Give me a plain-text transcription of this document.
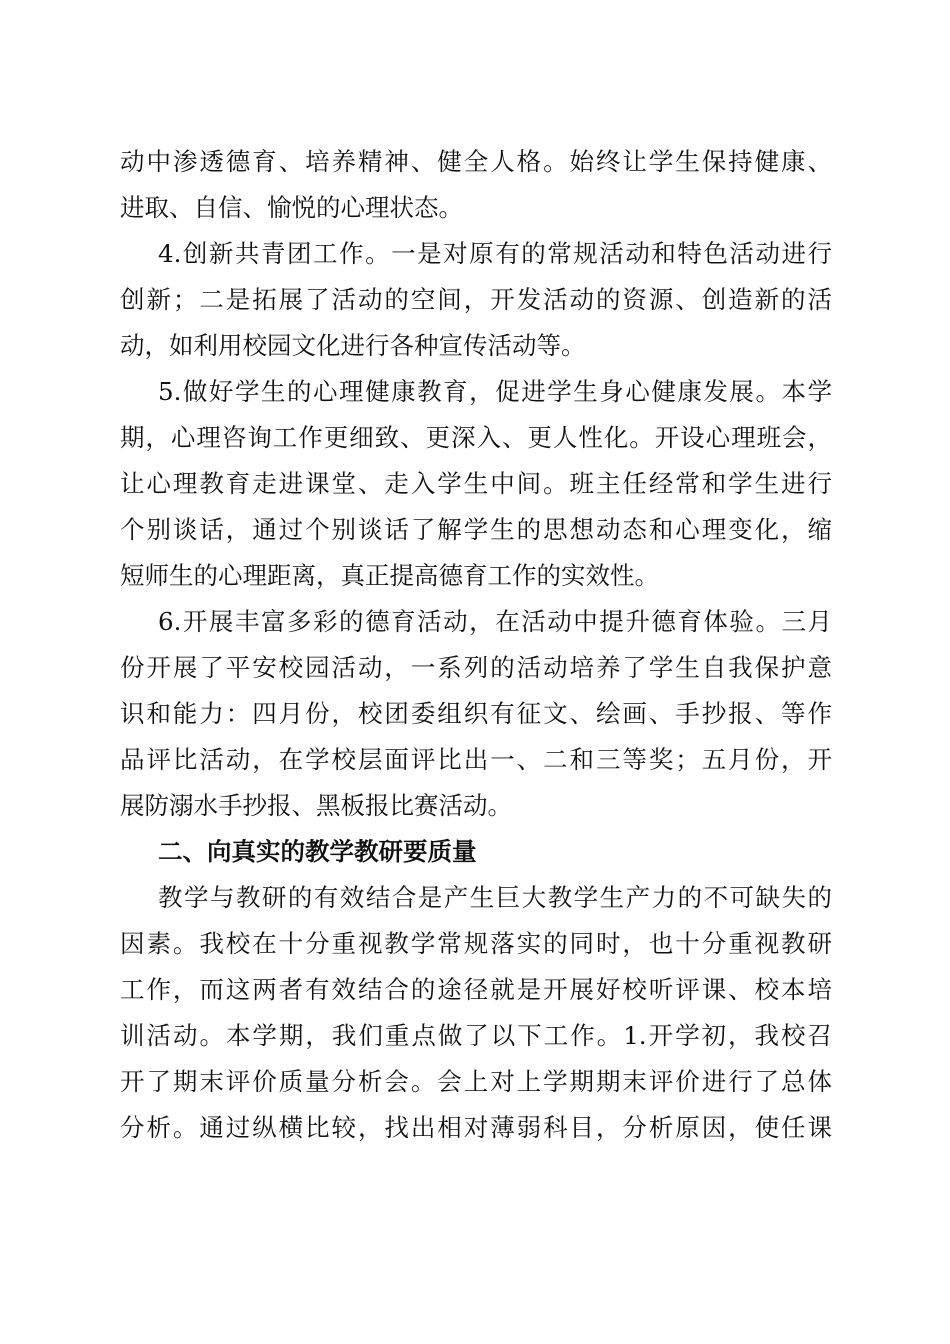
动中渗透德育、培养精神、健全人格。始终让学生保持健康、
进取、自信、愉悦的心理状态。
4.创新共青团工作。一是对原有的常规活动和特色活动进行
创新；二是拓展了活动的空间，开发活动的资源、创造新的活
动，如利用校园文化进行各种宣传活动等。
5.做好学生的心理健康教育，促进学生身心健康发展。本学
期，心理咨询工作更细致、更深入、更人性化。开设心理班会，
让心理教育走进课堂、走入学生中间。班主任经常和学生进行
个别谈话，通过个别谈话了解学生的思想动态和心理变化，缩
短师生的心理距离，真正提高德育工作的实效性。
6.开展丰富多彩的德育活动，在活动中提升德育体验。三月
份开展了平安校园活动，一系列的活动培养了学生自我保护意
识和能力：四月份，校团委组织有征文、绘画、手抄报、等作
品评比活动，在学校层面评比出一、二和三等奖；五月份，开
展防溺水手抄报、黑板报比赛活动。
二、向真实的教学教研要质量
教学与教研的有效结合是产生巨大教学生产力的不可缺失的
因素。我校在十分重视教学常规落实的同时，也十分重视教研
工作，而这两者有效结合的途径就是开展好校听评课、校本培
训活动。本学期，我们重点做了以下工作。1.开学初，我校召
开了期末评价质量分析会。会上对上学期期末评价进行了总体
分析。通过纵横比较，找出相对薄弱科目，分析原因，使任课
